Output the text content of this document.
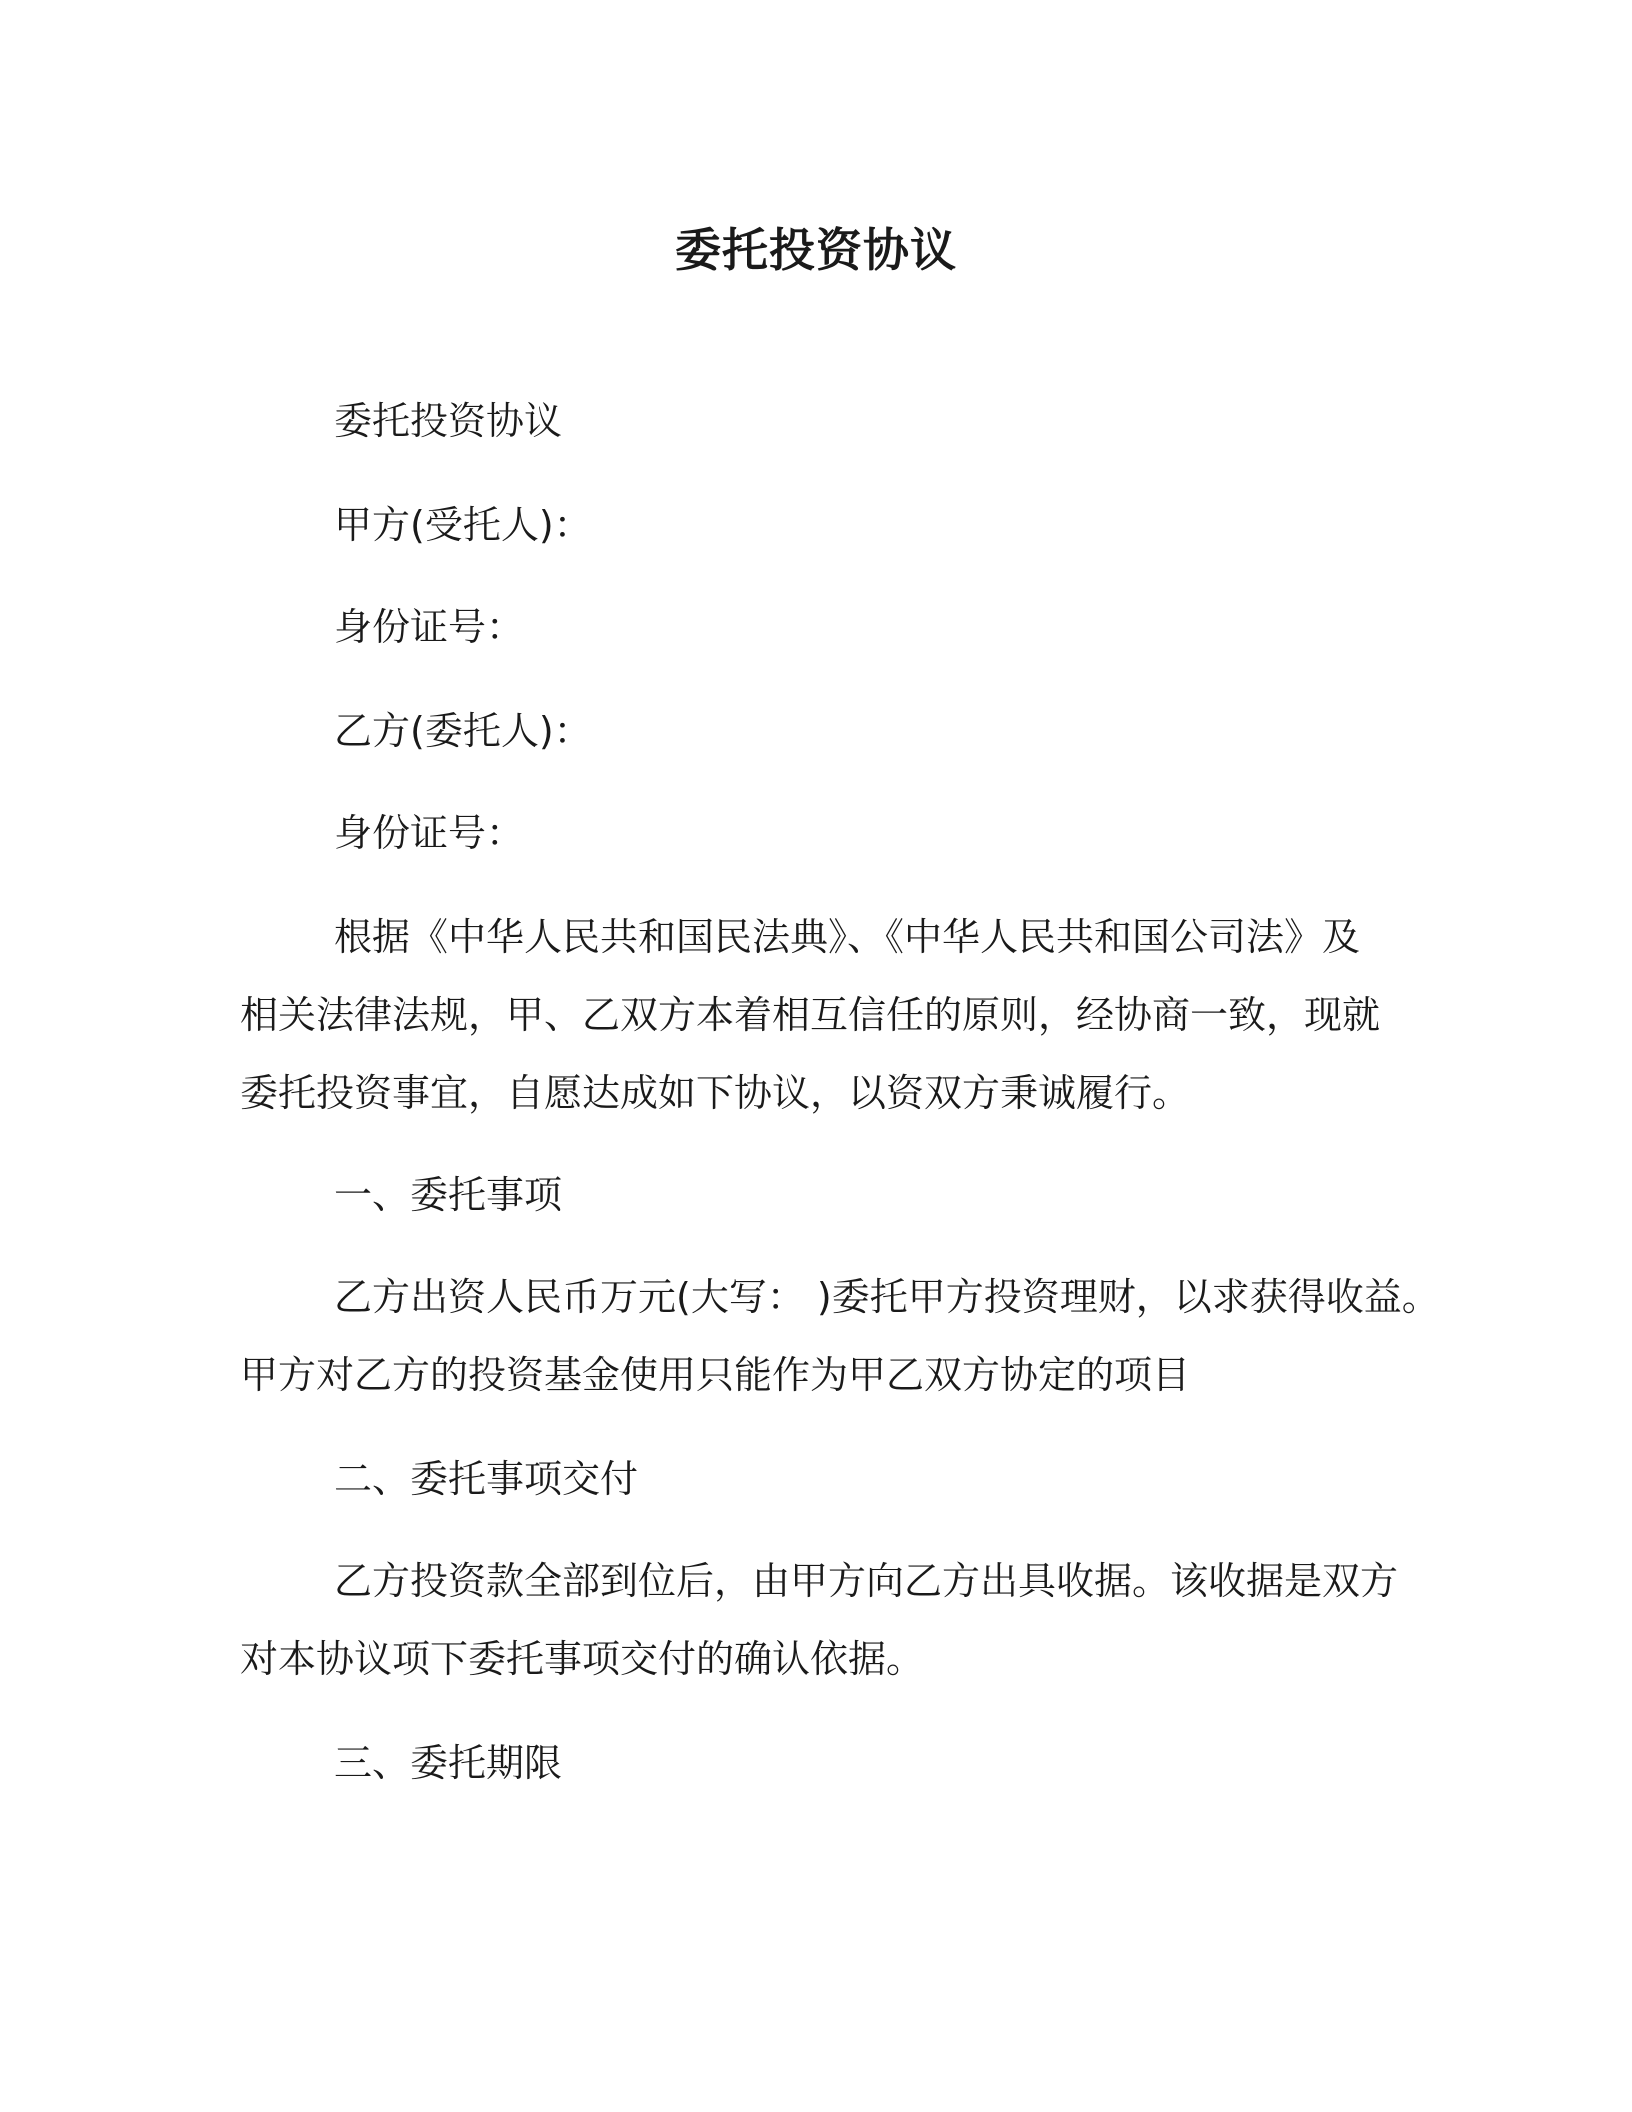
委托投资协议
委托投资协议
甲方(受托人)：
身份证号：
乙方(委托人)：
身份证号：
根据《中华人民共和国民法典》、《中华人民共和国公司法》及
相关法律法规，甲、乙双方本着相互信任的原则，经协商一致，现就
委托投资事宜，自愿达成如下协议，以资双方秉诚履行。
一、委托事项
乙方出资人民币万元(大写： )委托甲方投资理财，以求获得收益。
甲方对乙方的投资基金使用只能作为甲乙双方协定的项目
二、委托事项交付
乙方投资款全部到位后，由甲方向乙方出具收据。该收据是双方
对本协议项下委托事项交付的确认依据。
三、委托期限
